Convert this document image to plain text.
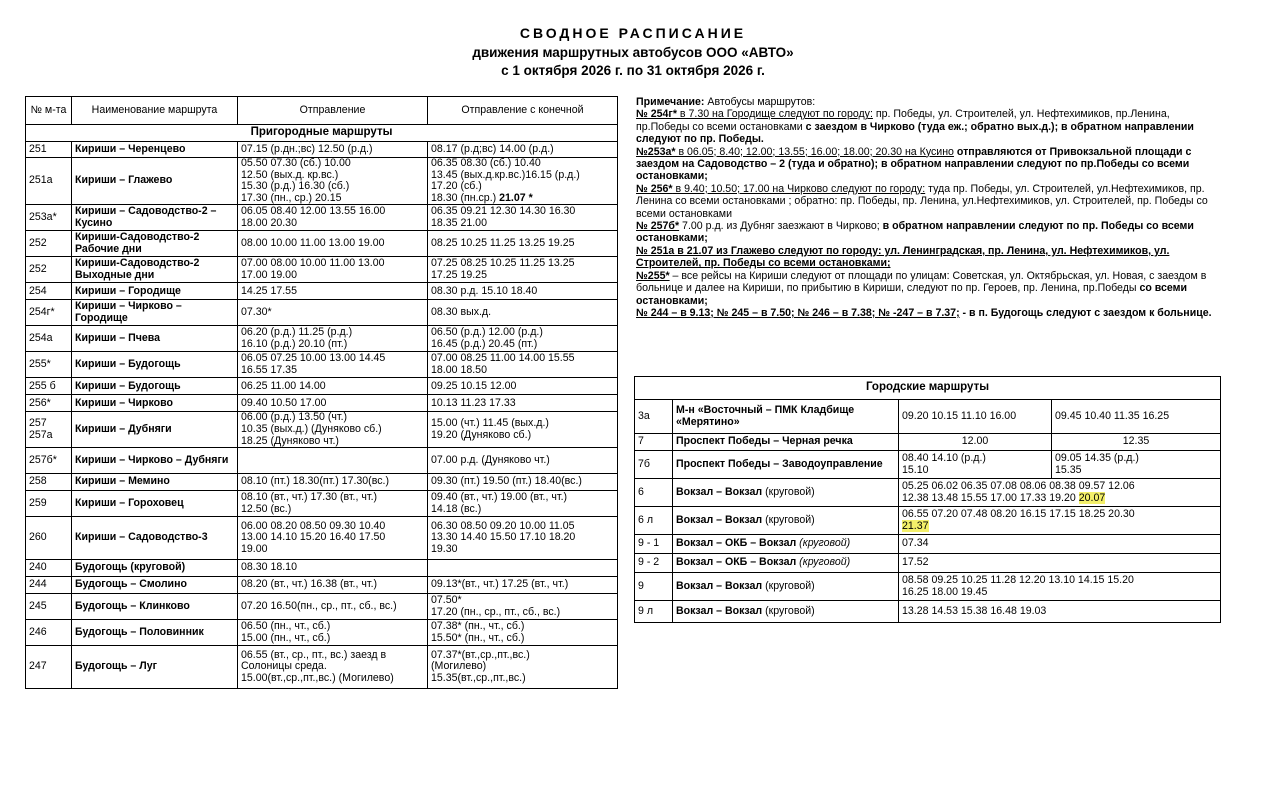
СВОДНОЕ РАСПИСАНИЕ
движения маршрутных автобусов ООО «АВТО»
с 1 октября 2026 г. по 31 октября 2026 г.
№ м-та	Наименование маршрута	Отправление	Отправление с конечной
Пригородные маршруты			
251	Кириши – Черенцево	07.15 (р.дн.;вс) 12.50 (р.д.)	08.17 (р.д;вс) 14.00 (р.д.)
251а	Кириши – Глажево	05.50 07.30 (сб.) 10.00
12.50 (вых.д. кр.вс.)
15.30 (р.д.) 16.30 (сб.)
17.30 (пн., ср.) 20.15	06.35 08.30 (сб.) 10.40
13.45 (вых.д.кр.вс.)16.15 (р.д.)
17.20 (сб.)
18.30 (пн.ср.) 21.07 *
253а*	Кириши – Садоводство-2 – Кусино	06.05 08.40 12.00 13.55 16.00
18.00 20.30	06.35 09.21 12.30 14.30 16.30
18.35 21.00
252	Кириши-Садоводство-2 Рабочие дни	08.00 10.00 11.00 13.00 19.00	08.25 10.25 11.25 13.25 19.25
252	Кириши-Садоводство-2 Выходные дни	07.00 08.00 10.00 11.00 13.00
17.00 19.00	07.25 08.25 10.25 11.25 13.25
17.25 19.25
254	Кириши – Городище	14.25 17.55	08.30 р.д. 15.10 18.40
254г*	Кириши – Чирково – Городище	07.30*	08.30 вых.д.
254а	Кириши – Пчева	06.20 (р.д.) 11.25 (р.д.)
16.10 (р.д.) 20.10 (пт.)	06.50 (р.д.) 12.00 (р.д.)
16.45 (р.д.) 20.45 (пт.)
255*	Кириши – Будогощь	06.05 07.25 10.00 13.00 14.45
16.55 17.35	07.00 08.25 11.00 14.00 15.55
18.00 18.50
255 б	Кириши – Будогощь	06.25 11.00 14.00	09.25 10.15 12.00
256*	Кириши – Чирково	09.40 10.50 17.00	10.13 11.23 17.33
257
257а	Кириши – Дубняги	06.00 (р.д.) 13.50 (чт.)
10.35 (вых.д.) (Дуняково сб.)
18.25 (Дуняково чт.)	15.00 (чт.) 11.45 (вых.д.)
19.20 (Дуняково сб.)
257б*	Кириши – Чирково – Дубняги		07.00 р.д. (Дуняково чт.)
258	Кириши – Мемино	08.10 (пт.) 18.30(пт.) 17.30(вс.)	09.30 (пт.) 19.50 (пт.) 18.40(вс.)
259	Кириши – Гороховец	08.10 (вт., чт.) 17.30 (вт., чт.)
12.50 (вс.)	09.40 (вт., чт.) 19.00 (вт., чт.)
14.18 (вс.)
260	Кириши – Садоводство-3	06.00 08.20 08.50 09.30 10.40
13.00 14.10 15.20 16.40 17.50
19.00	06.30 08.50 09.20 10.00 11.05
13.30 14.40 15.50 17.10 18.20
19.30
240	Будогощь (круговой)	08.30 18.10	
244	Будогощь – Смолино	08.20 (вт., чт.) 16.38 (вт., чт.)	09.13*(вт., чт.) 17.25 (вт., чт.)
245	Будогощь – Клинково	07.20 16.50(пн., ср., пт., сб., вс.)	07.50*
17.20 (пн., ср., пт., сб., вс.)
246	Будогощь – Половинник	06.50 (пн., чт., сб.)
15.00 (пн., чт., сб.)	07.38* (пн., чт., сб.)
15.50* (пн., чт., сб.)
247	Будогощь – Луг	06.55 (вт., ср., пт., вс.) заезд в
Солоницы среда.
15.00(вт.,ср.,пт.,вс.) (Могилево)	07.37*(вт.,ср.,пт.,вс.)
(Могилево)
15.35(вт.,ср.,пт.,вс.)

Примечание: Автобусы маршрутов:

№ 254г* в 7.30 на Городище следуют по городу: пр. Победы, ул. Строителей, ул. Нефтехимиков, пр.Ленина, пр.Победы со всеми остановками с заездом в Чирково (туда еж.; обратно вых.д.); в обратном направлении следуют по пр. Победы.

№253а* в 06.05; 8.40; 12.00; 13.55; 16.00; 18.00; 20.30 на Кусино отправляются от Привокзальной площади с заездом на Садоводство – 2 (туда и обратно); в обратном направлении следуют по пр.Победы со всеми остановками;

№ 256* в 9.40; 10.50; 17.00 на Чирково следуют по городу: туда пр. Победы, ул. Строителей, ул.Нефтехимиков, пр. Ленина со всеми остановками ; обратно: пр. Победы, пр. Ленина, ул.Нефтехимиков, ул. Строителей, пр. Победы со всеми остановками

№ 257б* 7.00 р.д. из Дубняг заезжают в Чирково; в обратном направлении следуют по пр. Победы со всеми остановками;

№ 251а в 21.07 из Глажево следуют по городу: ул. Ленинградская, пр. Ленина, ул. Нефтехимиков, ул. Строителей, пр. Победы со всеми остановками;

№255* – все рейсы на Кириши следуют от площади по улицам: Советская, ул. Октябрьская, ул. Новая, с заездом в больнице и далее на Кириши, по прибытию в Кириши, следуют по пр. Героев, пр. Ленина, пр.Победы со всеми остановками;

№ 244 – в 9.13; № 245 – в 7.50; № 246 – в 7.38; № -247 – в 7.37; - в п. Будогощь следуют с заездом к больнице.

Городские маршруты			
3а	М-н «Восточный – ПМК Кладбище «Мерятино»	09.20 10.15 11.10 16.00	09.45 10.40 11.35 16.25
7	Проспект Победы – Черная речка	12.00	12.35
7б	Проспект Победы – Заводоуправление	08.40 14.10 (р.д.)
15.10	09.05 14.35 (р.д.)
15.35
6	Вокзал – Вокзал (круговой)	05.25 06.02 06.35 07.08 08.06 08.38 09.57 12.06
12.38 13.48 15.55 17.00 17.33 19.20 20.07	
6 л	Вокзал – Вокзал (круговой)	06.55 07.20 07.48 08.20 16.15 17.15 18.25 20.30
21.37	
9 - 1	Вокзал – ОКБ – Вокзал (круговой)	07.34	
9 - 2	Вокзал – ОКБ – Вокзал (круговой)	17.52	
9	Вокзал – Вокзал (круговой)	08.58 09.25 10.25 11.28 12.20 13.10 14.15 15.20
16.25 18.00 19.45	
9 л	Вокзал – Вокзал (круговой)	13.28 14.53 15.38 16.48 19.03	
